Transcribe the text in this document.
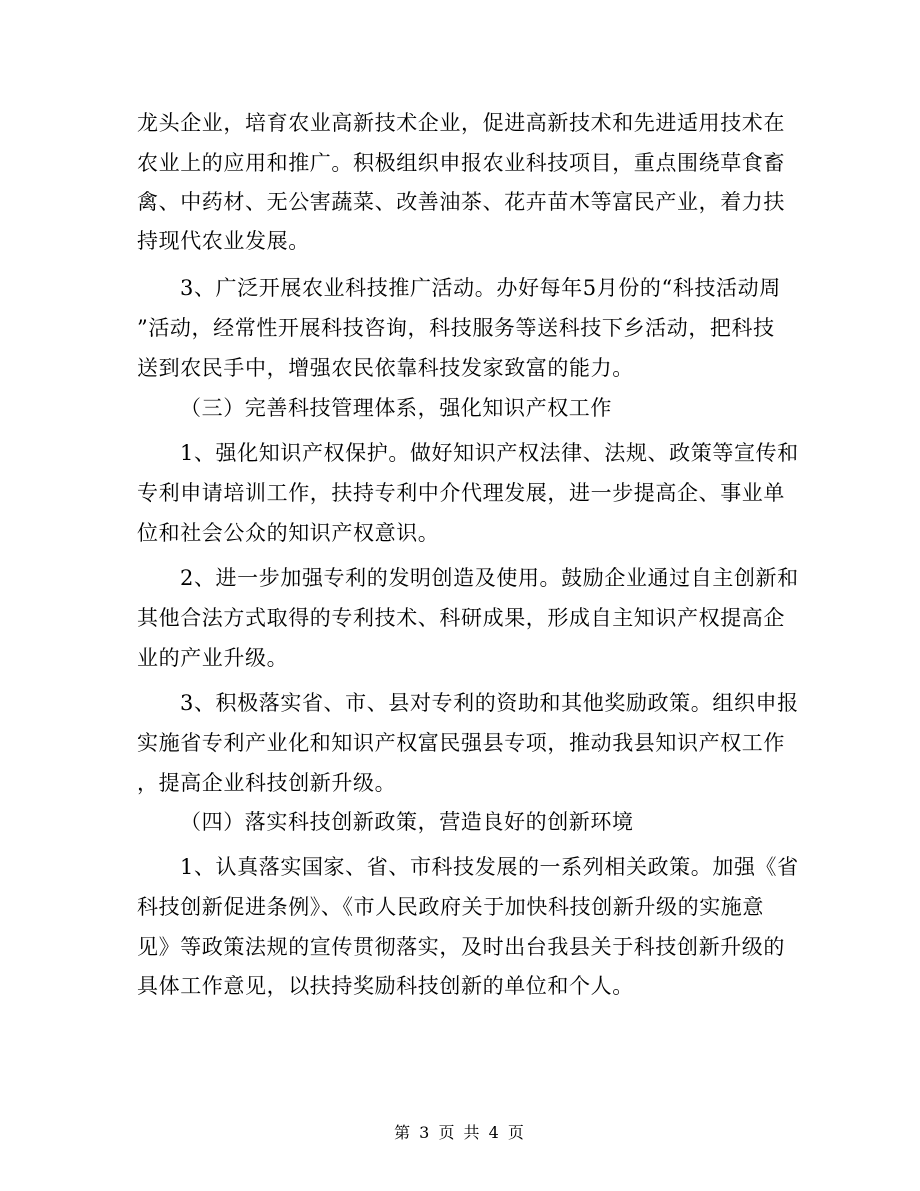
龙头企业，培育农业高新技术企业，促进高新技术和先进适用技术在
农业上的应用和推广。积极组织申报农业科技项目，重点围绕草食畜
禽、中药材、无公害蔬菜、改善油茶、花卉苗木等富民产业，着力扶
持现代农业发展。
3、广泛开展农业科技推广活动。办好每年5月份的“科技活动周
”活动，经常性开展科技咨询，科技服务等送科技下乡活动，把科技
送到农民手中，增强农民依靠科技发家致富的能力。
（三）完善科技管理体系，强化知识产权工作
1、强化知识产权保护。做好知识产权法律、法规、政策等宣传和
专利申请培训工作，扶持专利中介代理发展，进一步提高企、事业单
位和社会公众的知识产权意识。
2、进一步加强专利的发明创造及使用。鼓励企业通过自主创新和
其他合法方式取得的专利技术、科研成果，形成自主知识产权提高企
业的产业升级。
3、积极落实省、市、县对专利的资助和其他奖励政策。组织申报
实施省专利产业化和知识产权富民强县专项，推动我县知识产权工作
，提高企业科技创新升级。
（四）落实科技创新政策，营造良好的创新环境
1、认真落实国家、省、市科技发展的一系列相关政策。加强《省
科技创新促进条例》、《市人民政府关于加快科技创新升级的实施意
见》等政策法规的宣传贯彻落实，及时出台我县关于科技创新升级的
具体工作意见，以扶持奖励科技创新的单位和个人。
第 3 页 共 4 页
